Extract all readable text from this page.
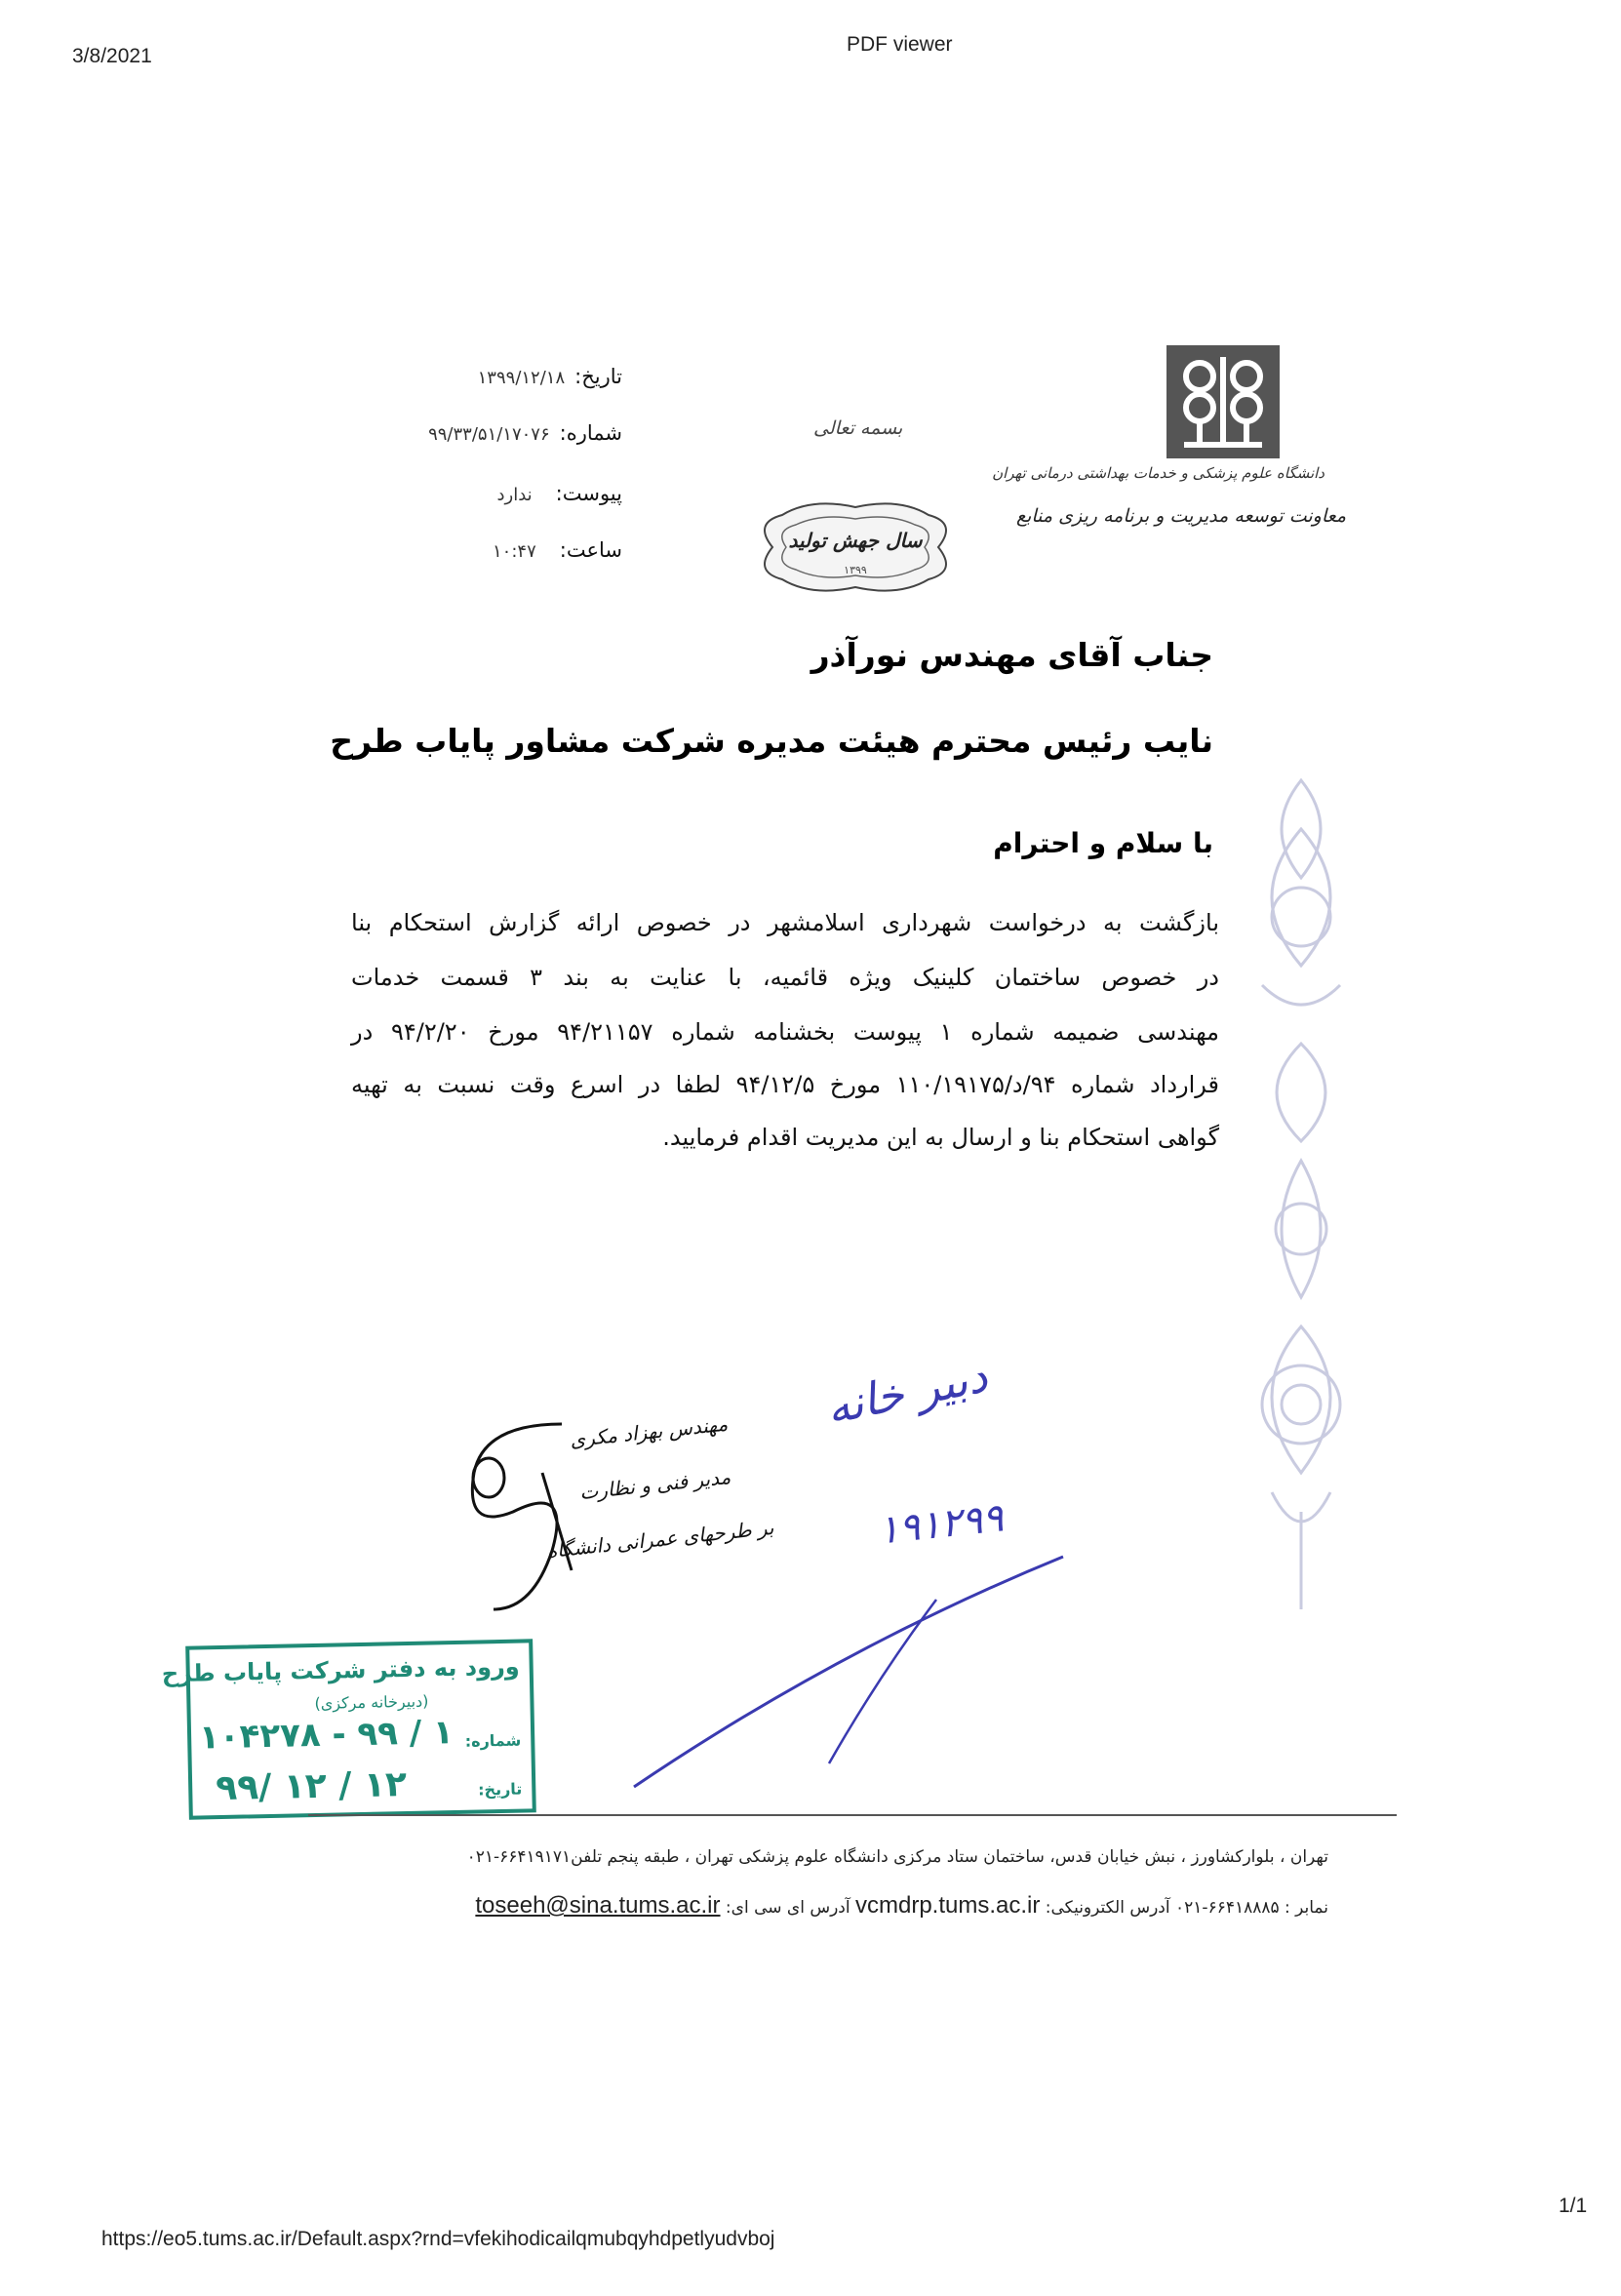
3/8/2021
PDF viewer
دانشگاه علوم پزشکی و خدمات بهداشتی درمانی تهران
معاونت توسعه مدیریت و برنامه ریزی منابع
بسمه تعالی
سال جهش تولید
۱۳۹۹
تاریخ:۱۳۹۹/۱۲/۱۸
شماره:۹۹/۳۳/۵۱/۱۷۰۷۶
پیوست:ندارد
ساعت:۱۰:۴۷
جناب آقای مهندس نورآذر
نایب رئیس محترم هیئت مدیره شرکت مشاور پایاب طرح
با سلام و احترام
بازگشت به درخواست شهرداری اسلامشهر در خصوص ارائه گزارش استحکام بنا
در خصوص ساختمان کلینیک ویژه قائمیه، با عنایت به بند ۳ قسمت خدمات
مهندسی ضمیمه شماره ۱ پیوست بخشنامه شماره ۹۴/۲۱۱۵۷ مورخ ۹۴/۲/۲۰ در
قرارداد شماره ۹۴/د/۱۱۰/۱۹۱۷۵ مورخ ۹۴/۱۲/۵ لطفا در اسرع وقت نسبت به تهیه
گواهی استحکام بنا و ارسال به این مدیریت اقدام فرمایید.
دبیر خانه
۱۹۱۲۹۹
مهندس بهزاد مکری
مدیر فنی و نظارت
بر طرحهای عمرانی دانشگاه
ورود به دفتر شرکت پایاب طرح
(دبیرخانه مرکزی)
شماره:
۱۰۴۲۷۸ - ۹۹ / ۱
تاریخ:
۹۹/ ۱۲ / ۱۲
تهران ، بلوارکشاورز ، نبش خیابان قدس، ساختمان ستاد مرکزی دانشگاه علوم پزشکی تهران ، طبقه پنجم تلفن۶۶۴۱۹۱۷۱-۰۲۱
نمابر : ۶۶۴۱۸۸۸۵-۰۲۱ آدرس الکترونیکی: vcmdrp.tums.ac.ir آدرس ای سی ای: toseeh@sina.tums.ac.ir
https://eo5.tums.ac.ir/Default.aspx?rnd=vfekihodicailqmubqyhdpetlyudvboj
1/1
